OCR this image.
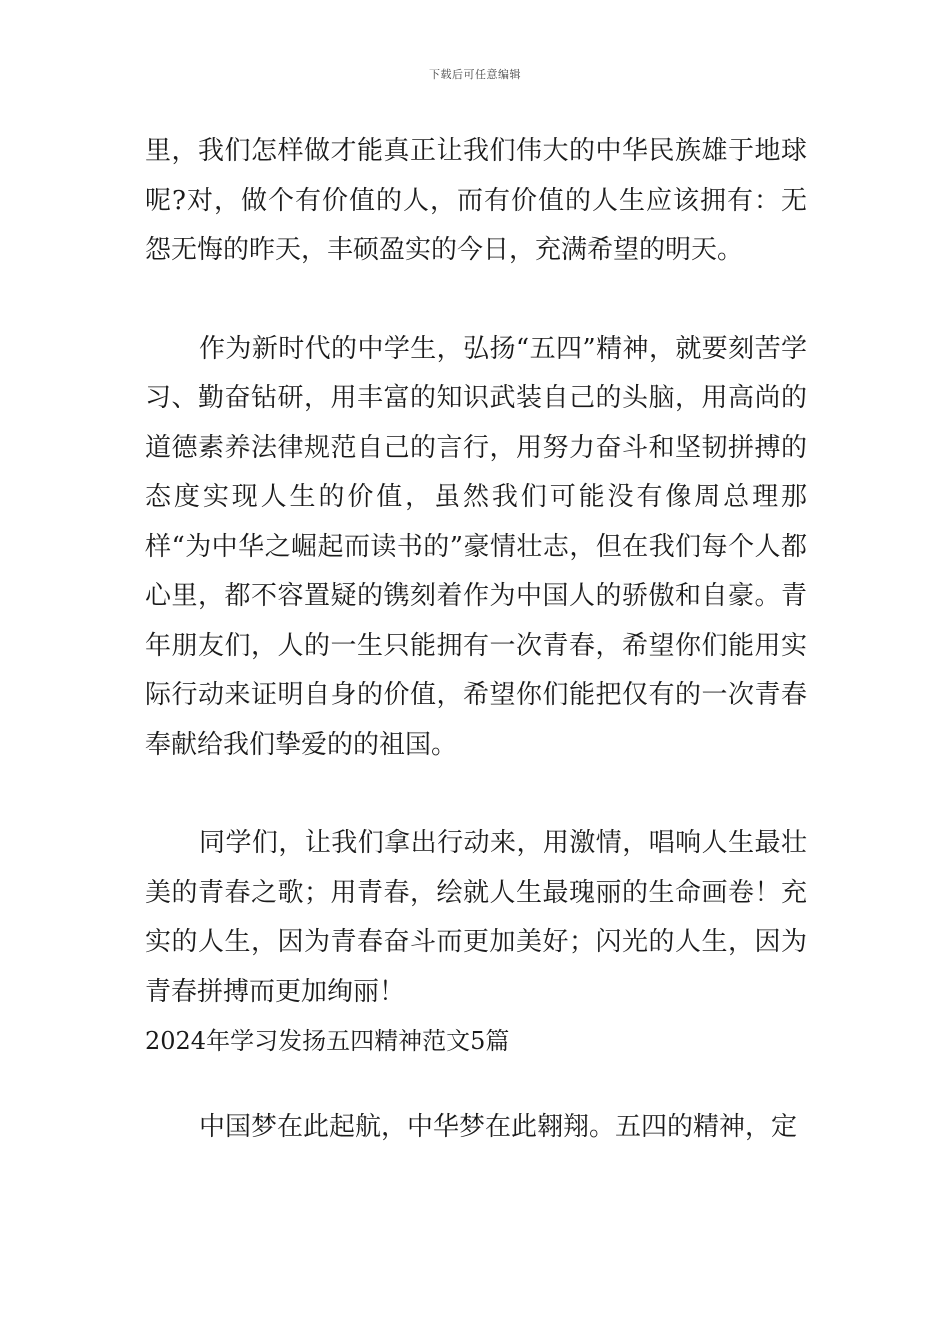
下载后可任意编辑

里，我们怎样做才能真正让我们伟大的中华民族雄于地球呢?对，做个有价值的人，而有价值的人生应该拥有：无怨无悔的昨天，丰硕盈实的今日，充满希望的明天。

作为新时代的中学生，弘扬“五四”精神，就要刻苦学习、勤奋钻研，用丰富的知识武装自己的头脑，用高尚的道德素养法律规范自己的言行，用努力奋斗和坚韧拼搏的态度实现人生的价值，虽然我们可能没有像周总理那样“为中华之崛起而读书的”豪情壮志，但在我们每个人都心里，都不容置疑的镌刻着作为中国人的骄傲和自豪。青年朋友们，人的一生只能拥有一次青春，希望你们能用实际行动来证明自身的价值，希望你们能把仅有的一次青春奉献给我们挚爱的的祖国。

同学们，让我们拿出行动来，用激情，唱响人生最壮美的青春之歌；用青春，绘就人生最瑰丽的生命画卷！充实的人生，因为青春奋斗而更加美好；闪光的人生，因为青春拼搏而更加绚丽！

2024年学习发扬五四精神范文5篇

中国梦在此起航，中华梦在此翱翔。五四的精神，定
